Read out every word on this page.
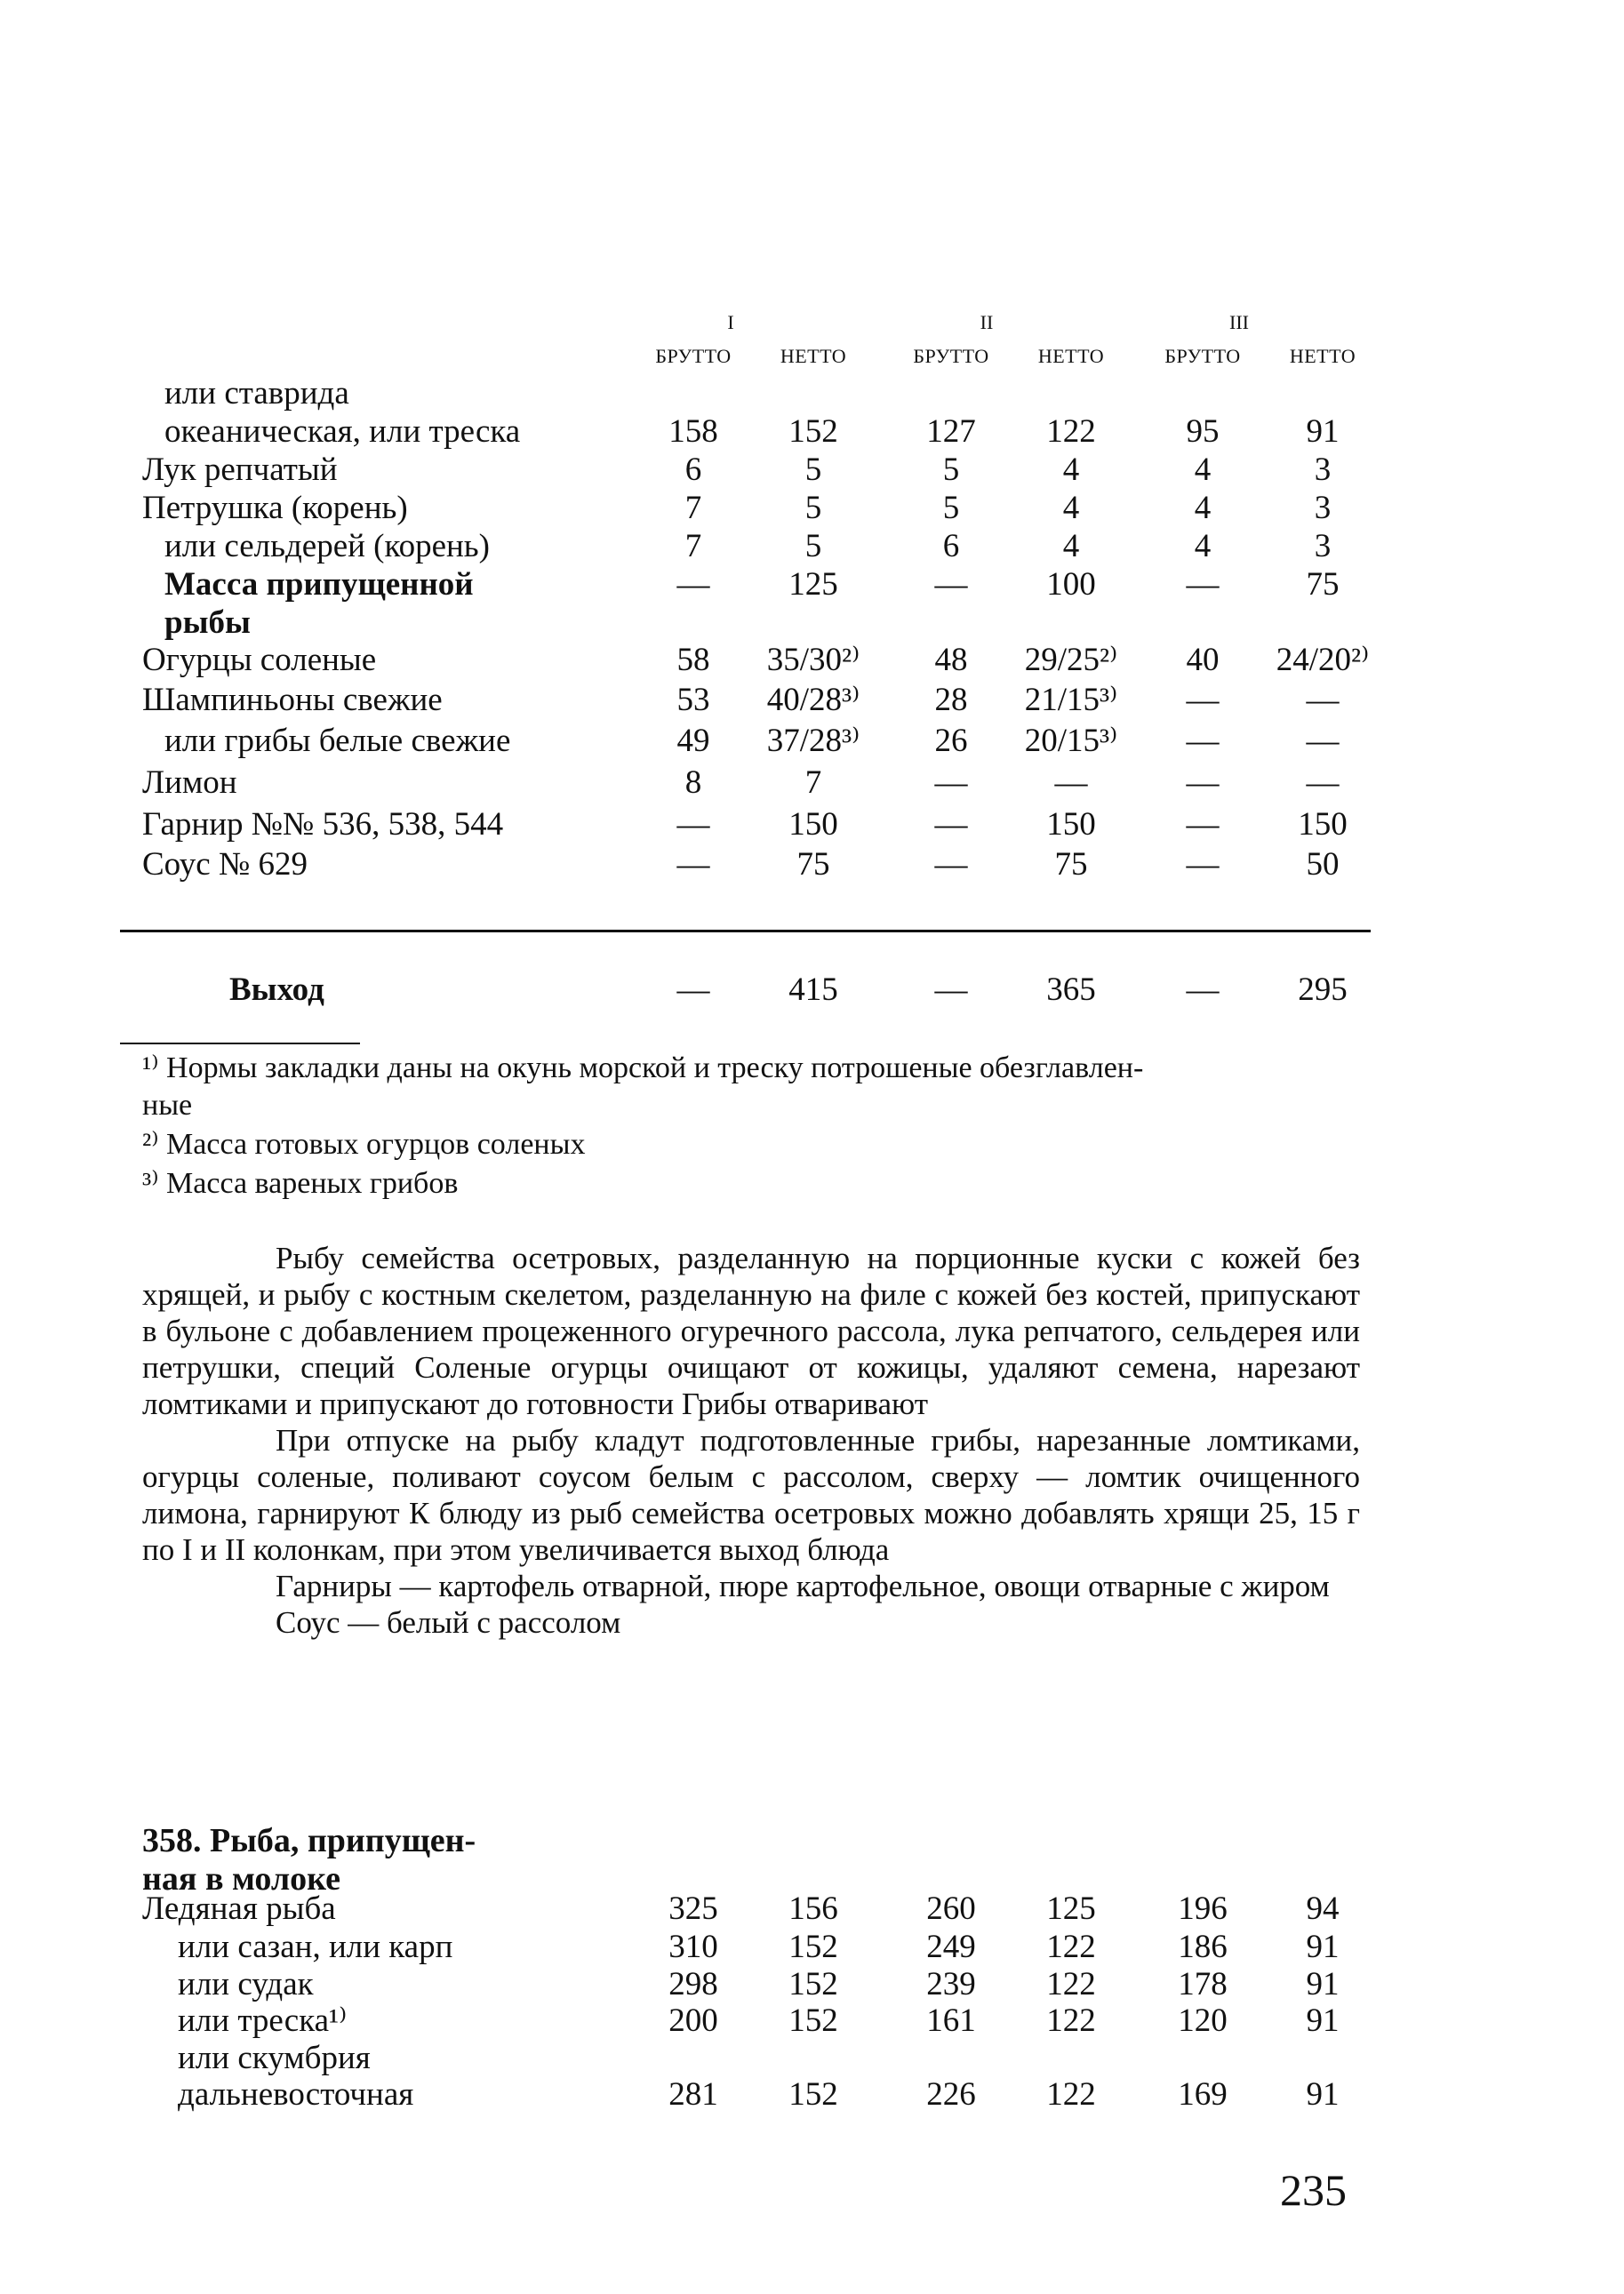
I	II	III
БРУТТО	НЕТТО	БРУТТО	НЕТТО	БРУТТО	НЕТТО
или ставрида
океаническая, или треска	158	152	127	122	95	91
Лук репчатый	6	5	5	4	4	3
Петрушка (корень)	7	5	5	4	4	3
или сельдерей (корень)	7	5	6	4	4	3
Масса припущенной	—	125	—	100	—	75
рыбы
Огурцы соленые	58	35/30²⁾	48	29/25²⁾	40	24/20²⁾
Шампиньоны свежие	53	40/28³⁾	28	21/15³⁾	—	—
или грибы белые свежие	49	37/28³⁾	26	20/15³⁾	—	—
Лимон	8	7	—	—	—	—
Гарнир №№ 536, 538, 544	—	150	—	150	—	150
Соус № 629	—	75	—	75	—	50
Выход	—	415	—	365	—	295
¹⁾ Нормы закладки даны на окунь морской и треску потрошеные обезглавлен-
ные
²⁾ Масса готовых огурцов соленых
³⁾ Масса вареных грибов

Рыбу семейства осетровых, разделанную на порционные куски с кожей без хрящей, и рыбу с костным скелетом, разделанную на филе с кожей без костей, припускают в бульоне с добавлением процеженного огуречного рассола, лука репчатого, сельдерея или петрушки, специй Соленые огурцы очищают от кожицы, удаляют семена, нарезают ломтиками и припускают до готовности Грибы отваривают

При отпуске на рыбу кладут подготовленные грибы, нарезанные ломтиками, огурцы соленые, поливают соусом белым с рассолом, сверху — ломтик очищенного лимона, гарнируют К блюду из рыб семейства осетровых можно добавлять хрящи 25, 15 г по I и II колонкам, при этом увеличивается выход блюда

Гарниры — картофель отварной, пюре картофельное, овощи отварные с жиром

Соус — белый с рассолом

358. Рыба, припущен-
ная в молоке
Ледяная рыба	325	156	260	125	196	94
или сазан, или карп	310	152	249	122	186	91
или судак	298	152	239	122	178	91
или треска¹⁾	200	152	161	122	120	91
или скумбрия
дальневосточная	281	152	226	122	169	91
235
